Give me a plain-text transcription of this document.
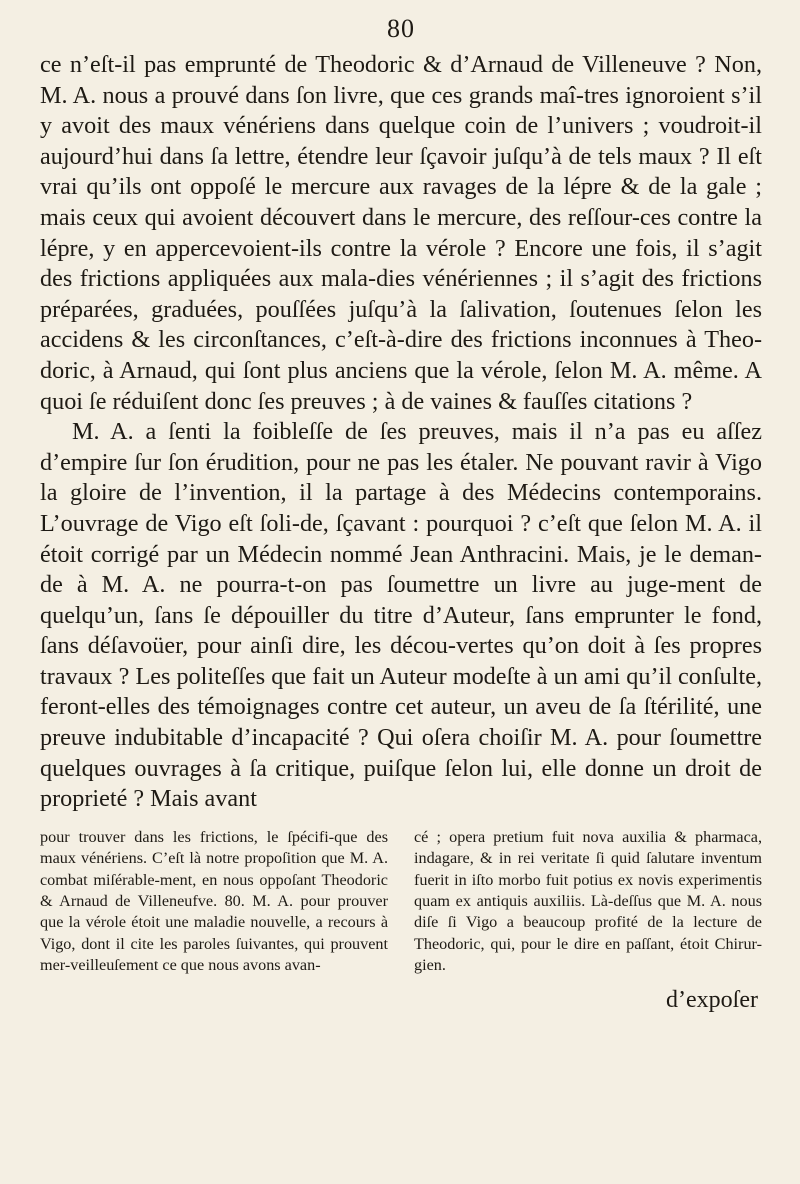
80

ce n’eſt-il pas emprunté de Theodoric & d’Arnaud de Villeneuve ? Non, M. A. nous a prouvé dans ſon livre, que ces grands maî-tres ignoroient s’il y avoit des maux vénériens dans quelque coin de l’univers ; voudroit-il aujourd’hui dans ſa lettre, étendre leur ſçavoir juſqu’à de tels maux ? Il eſt vrai qu’ils ont oppoſé le mercure aux ravages de la lépre & de la gale ; mais ceux qui avoient découvert dans le mercure, des reſſour-ces contre la lépre, y en appercevoient-ils contre la vérole ? Encore une fois, il s’agit des frictions appliquées aux mala-dies vénériennes ; il s’agit des frictions préparées, graduées, pouſſées juſqu’à la ſalivation, ſoutenues ſelon les accidens & les circonſtances, c’eſt-à-dire des frictions inconnues à Theo-doric, à Arnaud, qui ſont plus anciens que la vérole, ſelon M. A. même. A quoi ſe réduiſent donc ſes preuves ; à de vaines & fauſſes citations ?

M. A. a ſenti la foibleſſe de ſes preuves, mais il n’a pas eu aſſez d’empire ſur ſon érudition, pour ne pas les étaler. Ne pouvant ravir à Vigo la gloire de l’invention, il la partage à des Médecins contemporains. L’ouvrage de Vigo eſt ſoli-de, ſçavant : pourquoi ? c’eſt que ſelon M. A. il étoit corrigé par un Médecin nommé Jean Anthracini. Mais, je le deman-de à M. A. ne pourra-t-on pas ſoumettre un livre au juge-ment de quelqu’un, ſans ſe dépouiller du titre d’Auteur, ſans emprunter le fond, ſans déſavoüer, pour ainſi dire, les décou-vertes qu’on doit à ſes propres travaux ? Les politeſſes que fait un Auteur modeſte à un ami qu’il conſulte, feront-elles des témoignages contre cet auteur, un aveu de ſa ſtérilité, une preuve indubitable d’incapacité ? Qui oſera choiſir M. A. pour ſoumettre quelques ouvrages à ſa critique, puiſque ſelon lui, elle donne un droit de proprieté ? Mais avant

pour trouver dans les frictions, le ſpécifi-que des maux vénériens. C’eſt là notre propoſition que M. A. combat miſérable-ment, en nous oppoſant Theodoric & Arnaud de Villeneufve. 80. M. A. pour prouver que la vérole étoit une maladie nouvelle, a recours à Vigo, dont il cite les paroles ſuivantes, qui prouvent mer-veilleuſement ce que nous avons avan-
cé ; opera pretium fuit nova auxilia & pharmaca, indagare, & in rei veritate ſi quid ſalutare inventum fuerit in iſto morbo fuit potius ex novis experimentis quam ex antiquis auxiliis. Là-deſſus que M. A. nous diſe ſi Vigo a beaucoup profité de la lecture de Theodoric, qui, pour le dire en paſſant, étoit Chirur-gien.
d’expoſer
